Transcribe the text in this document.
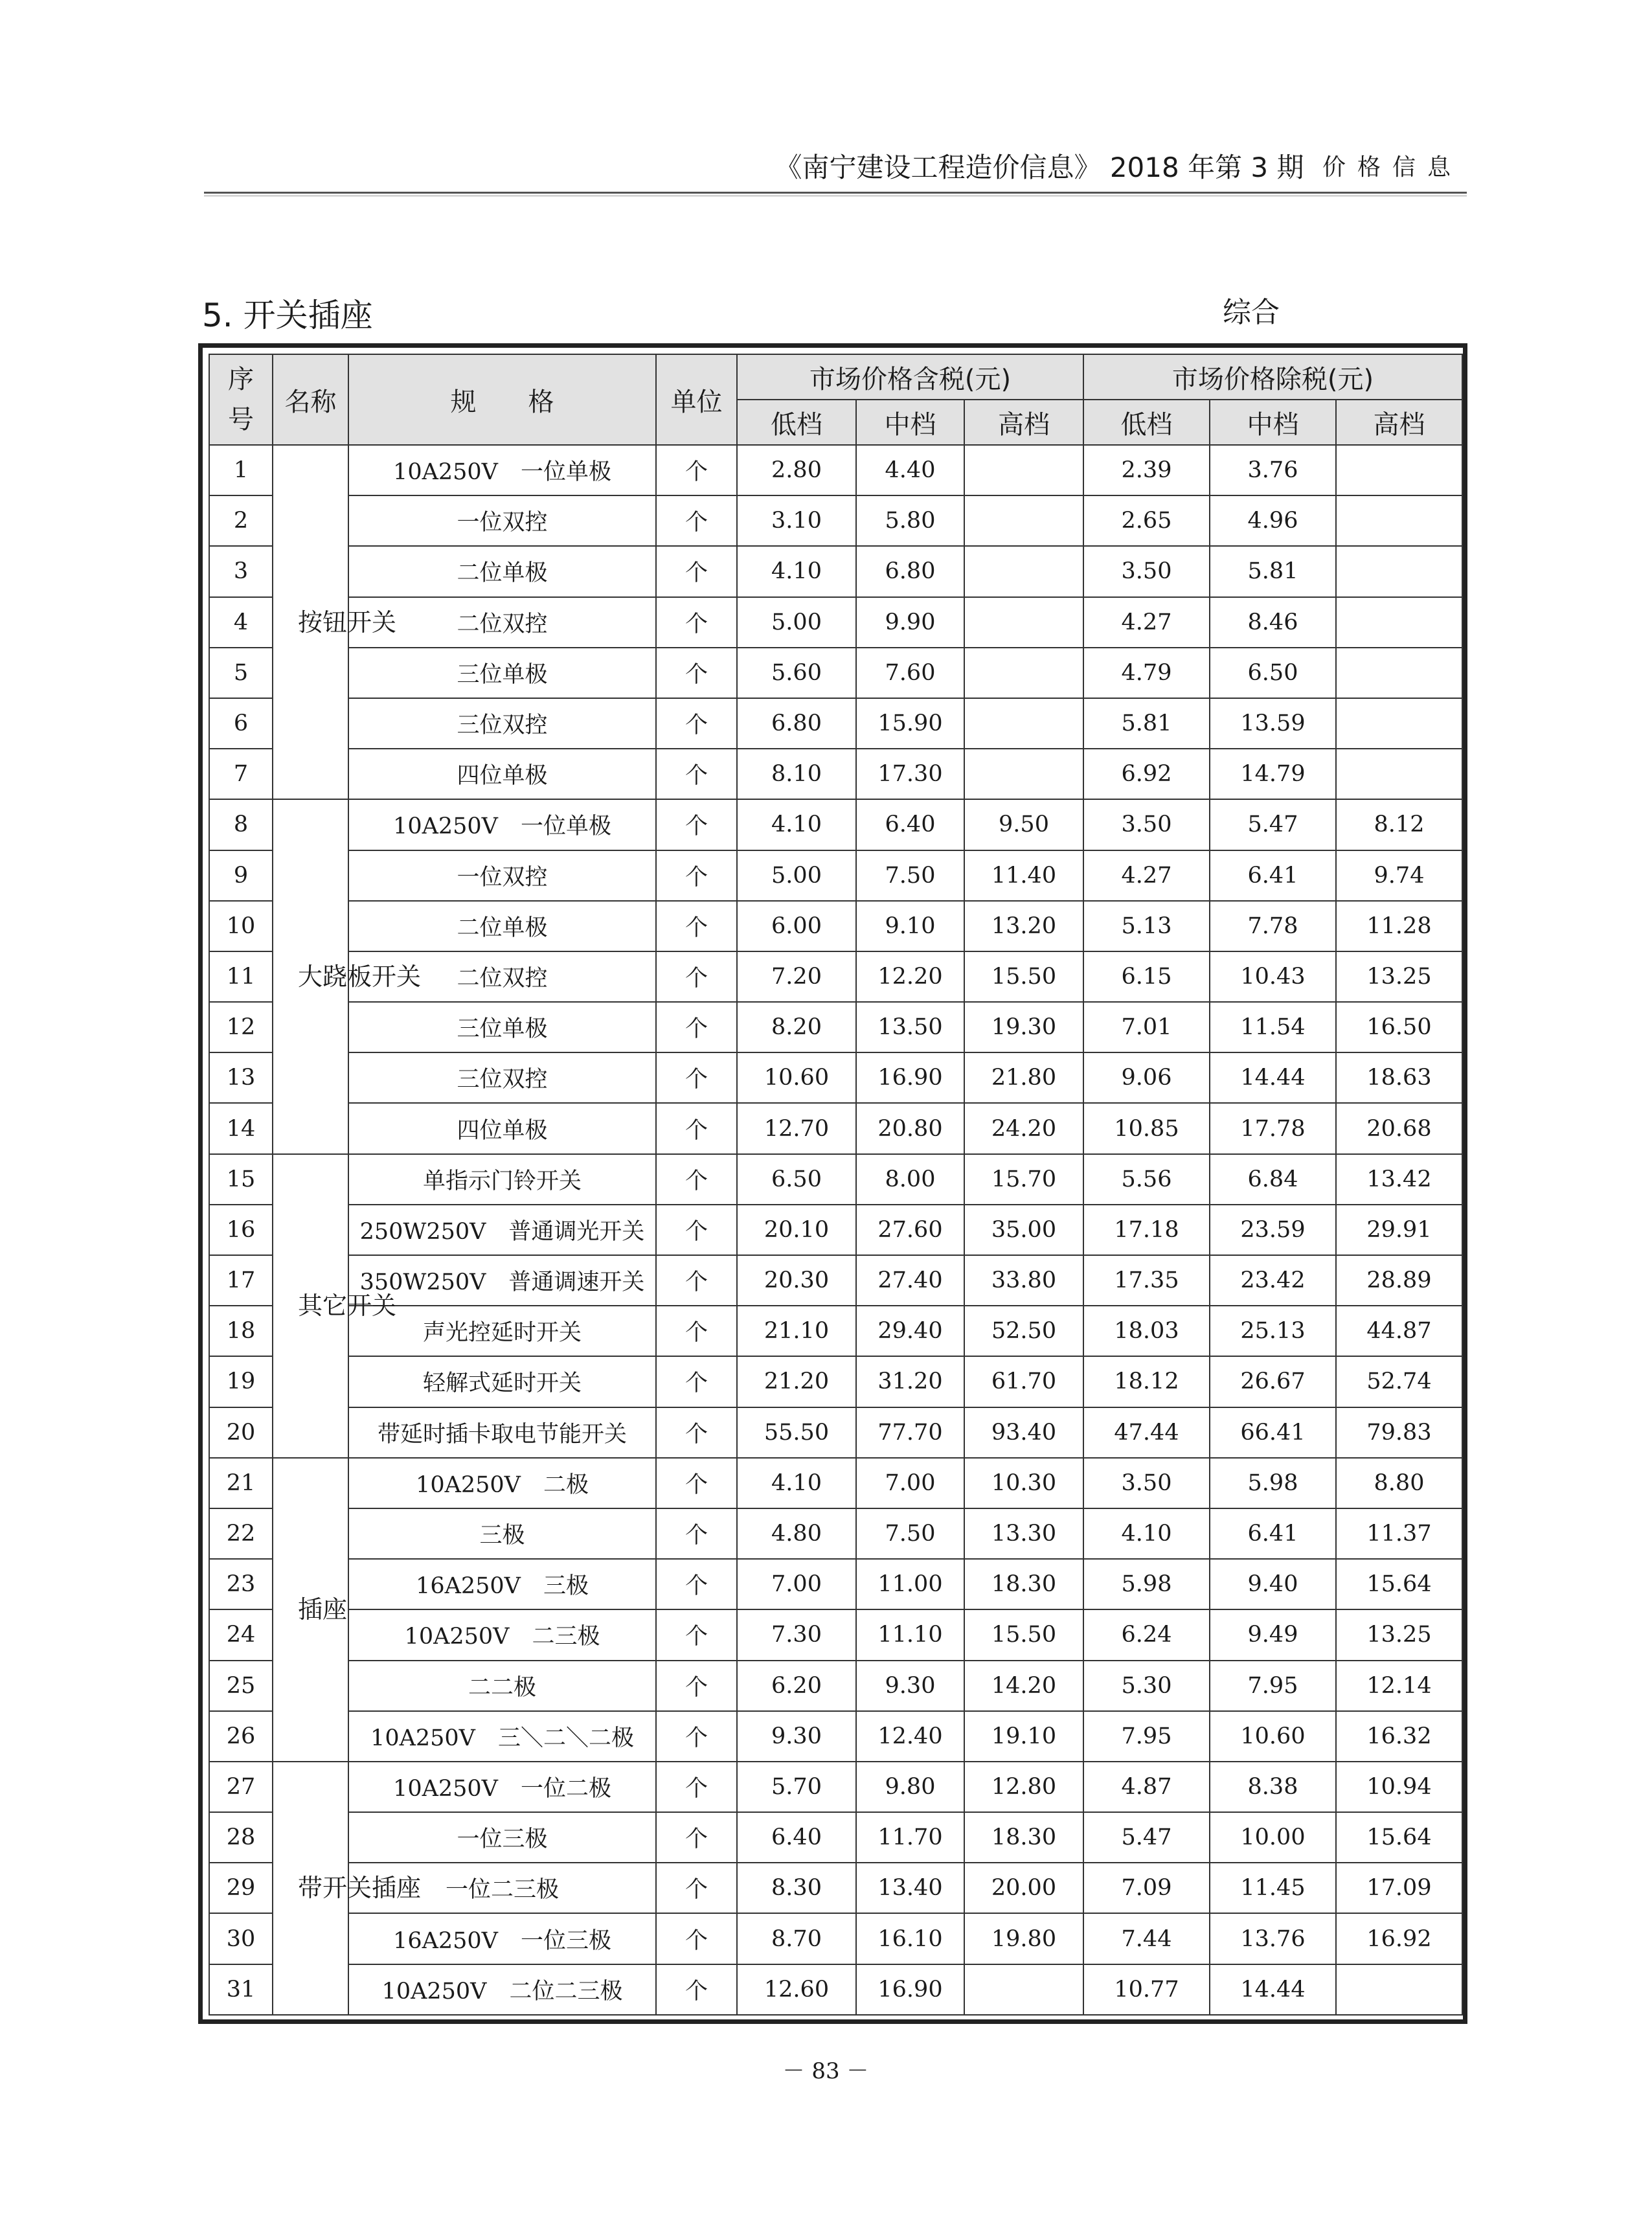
《南宁建设工程造价信息》 2018 年第 3 期 价格信息
5. 开关插座	综合
序号	名称	规　　格	单位	市场价格含税(元)			市场价格除税(元)		
				低档	中档	高档	低档	中档	高档
1	按钮开关	10A250V　一位单极	个	2.80	4.40		2.39	3.76	
2		一位双控	个	3.10	5.80		2.65	4.96	
3		二位单极	个	4.10	6.80		3.50	5.81	
4		二位双控	个	5.00	9.90		4.27	8.46	
5		三位单极	个	5.60	7.60		4.79	6.50	
6		三位双控	个	6.80	15.90		5.81	13.59	
7		四位单极	个	8.10	17.30		6.92	14.79	
8	大跷板开关	10A250V　一位单极	个	4.10	6.40	9.50	3.50	5.47	8.12
9		一位双控	个	5.00	7.50	11.40	4.27	6.41	9.74
10		二位单极	个	6.00	9.10	13.20	5.13	7.78	11.28
11		二位双控	个	7.20	12.20	15.50	6.15	10.43	13.25
12		三位单极	个	8.20	13.50	19.30	7.01	11.54	16.50
13		三位双控	个	10.60	16.90	21.80	9.06	14.44	18.63
14		四位单极	个	12.70	20.80	24.20	10.85	17.78	20.68
15	其它开关	单指示门铃开关	个	6.50	8.00	15.70	5.56	6.84	13.42
16		250W250V　普通调光开关	个	20.10	27.60	35.00	17.18	23.59	29.91
17		350W250V　普通调速开关	个	20.30	27.40	33.80	17.35	23.42	28.89
18		声光控延时开关	个	21.10	29.40	52.50	18.03	25.13	44.87
19		轻解式延时开关	个	21.20	31.20	61.70	18.12	26.67	52.74
20		带延时插卡取电节能开关	个	55.50	77.70	93.40	47.44	66.41	79.83
21	插座	10A250V　二极	个	4.10	7.00	10.30	3.50	5.98	8.80
22		三极	个	4.80	7.50	13.30	4.10	6.41	11.37
23		16A250V　三极	个	7.00	11.00	18.30	5.98	9.40	15.64
24		10A250V　二三极	个	7.30	11.10	15.50	6.24	9.49	13.25
25		二二极	个	6.20	9.30	14.20	5.30	7.95	12.14
26		10A250V　三＼二＼二极	个	9.30	12.40	19.10	7.95	10.60	16.32
27	带开关插座	10A250V　一位二极	个	5.70	9.80	12.80	4.87	8.38	10.94
28		一位三极	个	6.40	11.70	18.30	5.47	10.00	15.64
29		一位二三极	个	8.30	13.40	20.00	7.09	11.45	17.09
30		16A250V　一位三极	个	8.70	16.10	19.80	7.44	13.76	16.92
31		10A250V　二位二三极	个	12.60	16.90		10.77	14.44	
－ 83 －
